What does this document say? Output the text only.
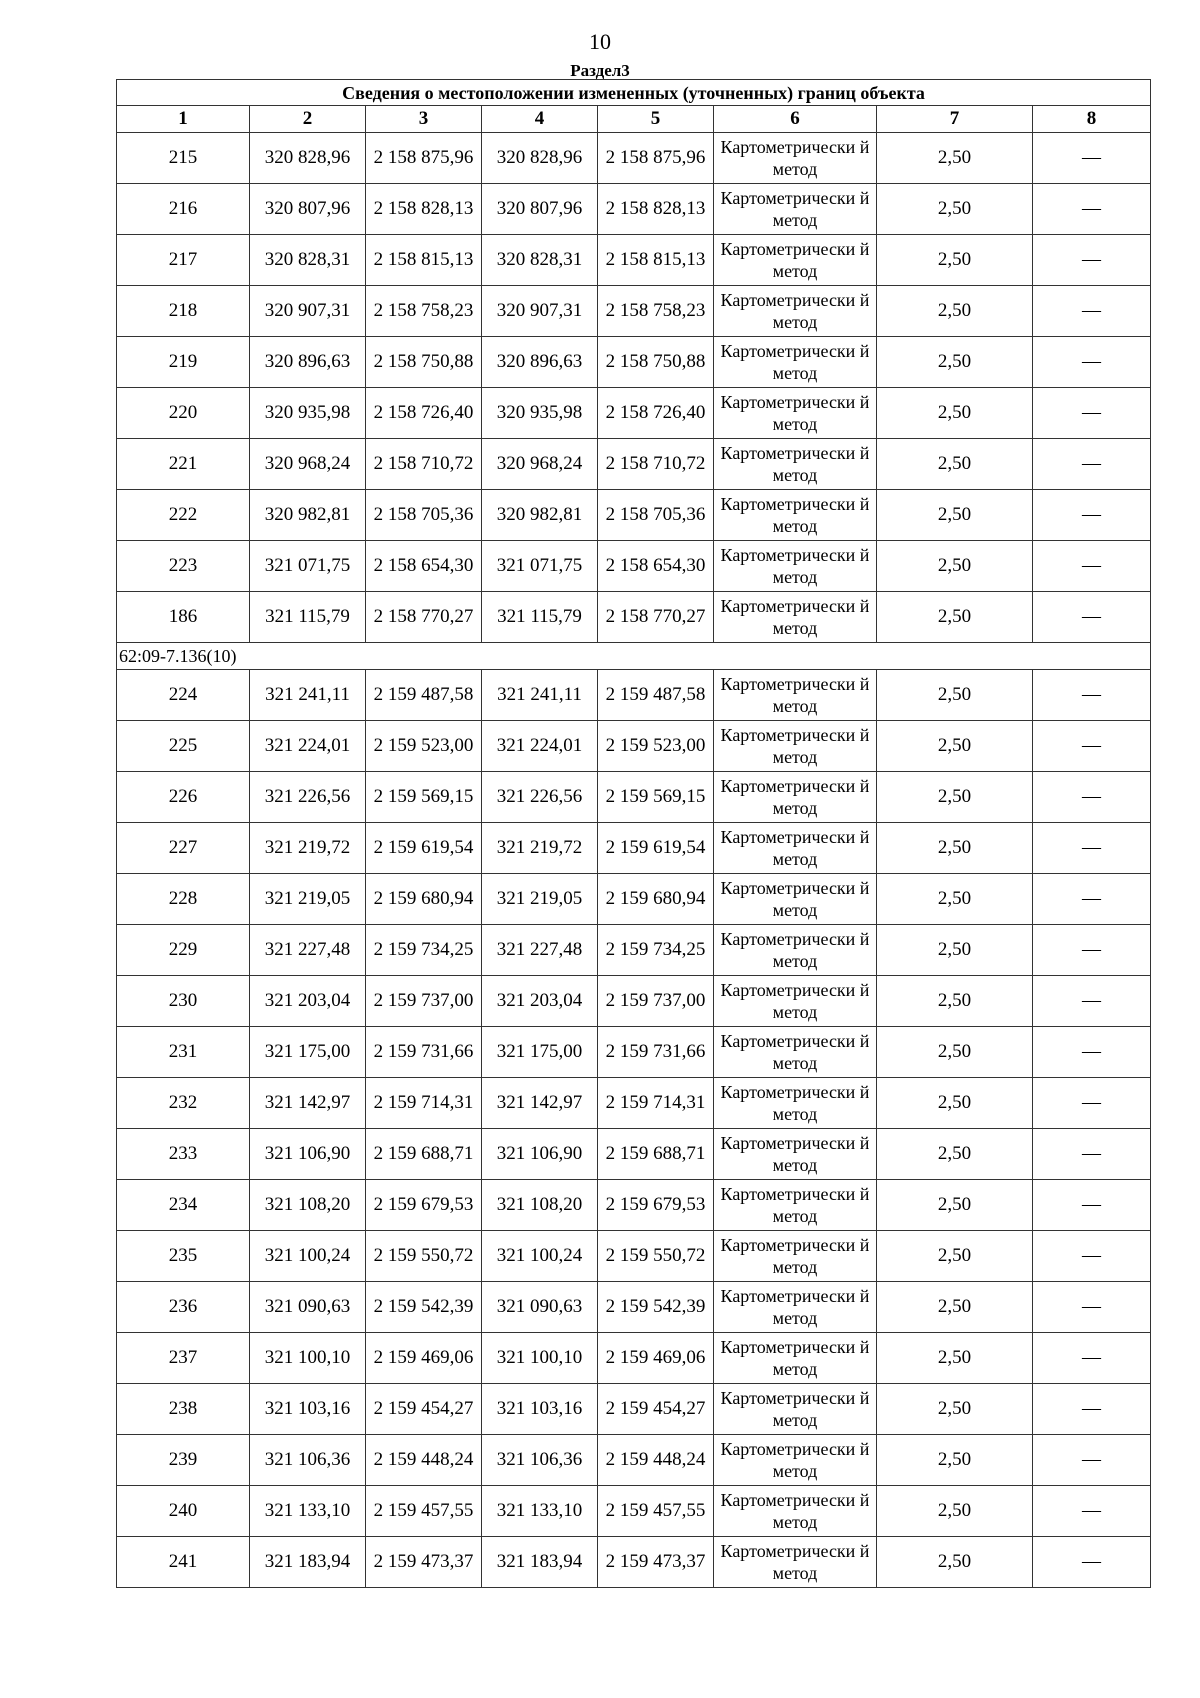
10
Раздел3
Сведения о местоположении измененных (уточненных) границ объекта							
1	2	3	4	5	6	7	8
215	320 828,96	2 158 875,96	320 828,96	2 158 875,96	Картометрически й метод	2,50	—
216	320 807,96	2 158 828,13	320 807,96	2 158 828,13	Картометрически й метод	2,50	—
217	320 828,31	2 158 815,13	320 828,31	2 158 815,13	Картометрически й метод	2,50	—
218	320 907,31	2 158 758,23	320 907,31	2 158 758,23	Картометрически й метод	2,50	—
219	320 896,63	2 158 750,88	320 896,63	2 158 750,88	Картометрически й метод	2,50	—
220	320 935,98	2 158 726,40	320 935,98	2 158 726,40	Картометрически й метод	2,50	—
221	320 968,24	2 158 710,72	320 968,24	2 158 710,72	Картометрически й метод	2,50	—
222	320 982,81	2 158 705,36	320 982,81	2 158 705,36	Картометрически й метод	2,50	—
223	321 071,75	2 158 654,30	321 071,75	2 158 654,30	Картометрически й метод	2,50	—
186	321 115,79	2 158 770,27	321 115,79	2 158 770,27	Картометрически й метод	2,50	—
62:09-7.136(10)							
224	321 241,11	2 159 487,58	321 241,11	2 159 487,58	Картометрически й метод	2,50	—
225	321 224,01	2 159 523,00	321 224,01	2 159 523,00	Картометрически й метод	2,50	—
226	321 226,56	2 159 569,15	321 226,56	2 159 569,15	Картометрически й метод	2,50	—
227	321 219,72	2 159 619,54	321 219,72	2 159 619,54	Картометрически й метод	2,50	—
228	321 219,05	2 159 680,94	321 219,05	2 159 680,94	Картометрически й метод	2,50	—
229	321 227,48	2 159 734,25	321 227,48	2 159 734,25	Картометрически й метод	2,50	—
230	321 203,04	2 159 737,00	321 203,04	2 159 737,00	Картометрически й метод	2,50	—
231	321 175,00	2 159 731,66	321 175,00	2 159 731,66	Картометрически й метод	2,50	—
232	321 142,97	2 159 714,31	321 142,97	2 159 714,31	Картометрически й метод	2,50	—
233	321 106,90	2 159 688,71	321 106,90	2 159 688,71	Картометрически й метод	2,50	—
234	321 108,20	2 159 679,53	321 108,20	2 159 679,53	Картометрически й метод	2,50	—
235	321 100,24	2 159 550,72	321 100,24	2 159 550,72	Картометрически й метод	2,50	—
236	321 090,63	2 159 542,39	321 090,63	2 159 542,39	Картометрически й метод	2,50	—
237	321 100,10	2 159 469,06	321 100,10	2 159 469,06	Картометрически й метод	2,50	—
238	321 103,16	2 159 454,27	321 103,16	2 159 454,27	Картометрически й метод	2,50	—
239	321 106,36	2 159 448,24	321 106,36	2 159 448,24	Картометрически й метод	2,50	—
240	321 133,10	2 159 457,55	321 133,10	2 159 457,55	Картометрически й метод	2,50	—
241	321 183,94	2 159 473,37	321 183,94	2 159 473,37	Картометрически й метод	2,50	—
